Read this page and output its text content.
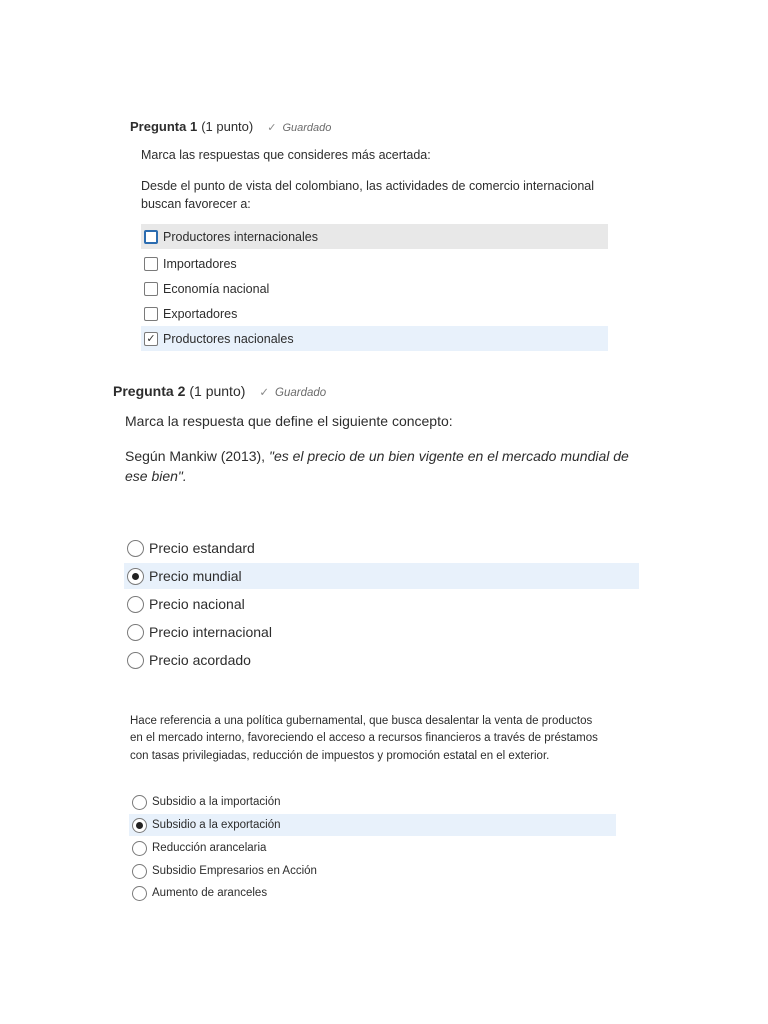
Pregunta 1 (1 punto) ✓ Guardado
Marca las respuestas que consideres más acertada:
Desde el punto de vista del colombiano, las actividades de comercio internacional buscan favorecer a:
Productores internacionales
Importadores
Economía nacional
Exportadores
✓ Productores nacionales
Pregunta 2 (1 punto) ✓ Guardado
Marca la respuesta que define el siguiente concepto:
Según Mankiw (2013), "es el precio de un bien vigente en el mercado mundial de ese bien".
Precio estandard
Precio mundial
Precio nacional
Precio internacional
Precio acordado
Hace referencia a una política gubernamental, que busca desalentar la venta de productos en el mercado interno, favoreciendo el acceso a recursos financieros a través de préstamos con tasas privilegiadas, reducción de impuestos y promoción estatal en el exterior.
Subsidio a la importación
Subsidio a la exportación
Reducción arancelaria
Subsidio Empresarios en Acción
Aumento de aranceles
